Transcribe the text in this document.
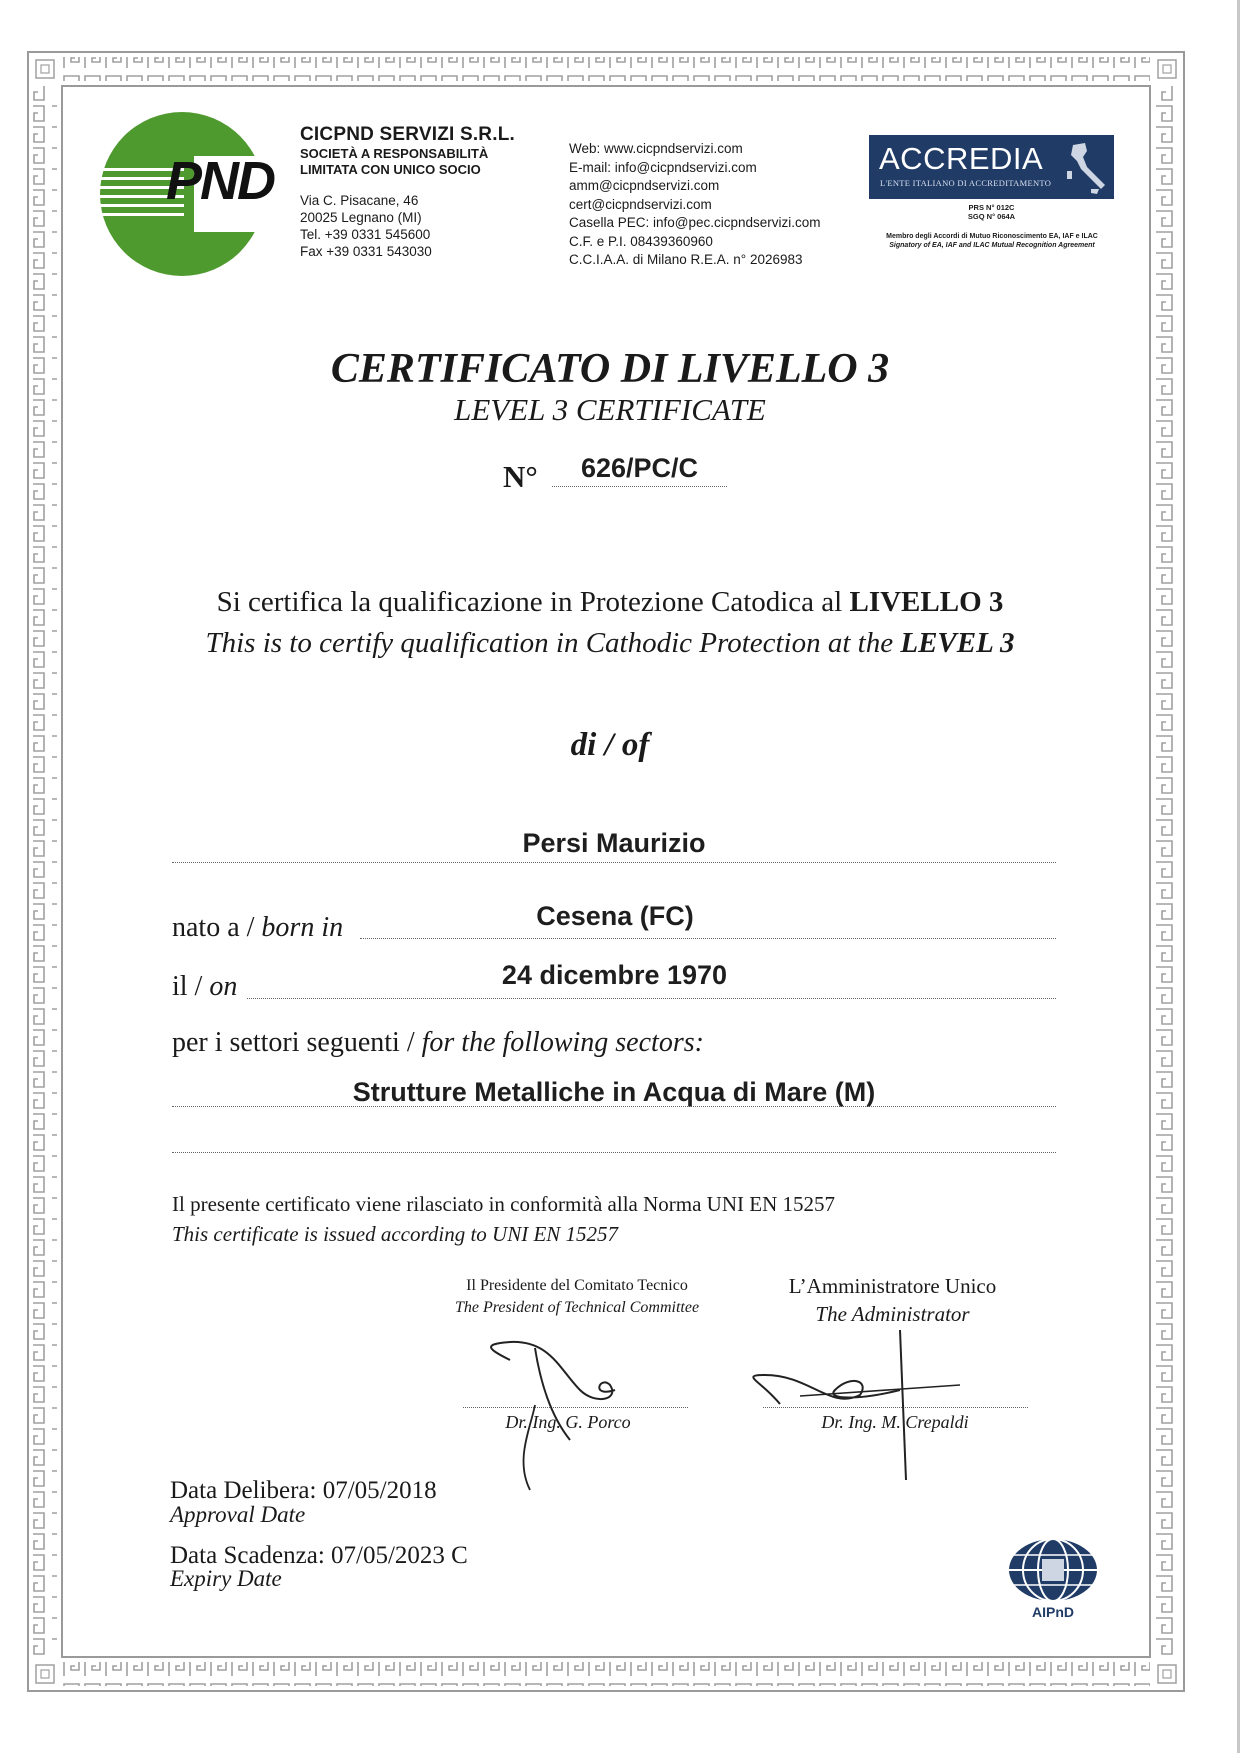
PND
CICPND SERVIZI S.R.L.
SOCIETÀ A RESPONSABILITÀ
LIMITATA CON UNICO SOCIO
Via C. Pisacane, 46
20025 Legnano (MI)
Tel. +39 0331 545600
Fax +39 0331 543030
Web: www.cicpndservizi.com
E-mail: info@cicpndservizi.com
amm@cicpndservizi.com
cert@cicpndservizi.com
Casella PEC: info@pec.cicpndservizi.com
C.F. e P.I. 08439360960
C.C.I.A.A. di Milano R.E.A. n° 2026983
ACCREDIA
L'ENTE ITALIANO DI ACCREDITAMENTO
PRS N° 012C
SGQ N° 064A
Membro degli Accordi di Mutuo Riconoscimento EA, IAF e ILAC
Signatory of EA, IAF and ILAC Mutual Recognition Agreement
CERTIFICATO DI LIVELLO 3
LEVEL 3 CERTIFICATE
N°	626/PC/C
Si certifica la qualificazione in Protezione Catodica al LIVELLO 3
This is to certify qualification in Cathodic Protection at the LEVEL 3
di / of
Persi Maurizio
nato a / born in	Cesena (FC)
il / on	24 dicembre 1970
per i settori seguenti / for the following sectors:
Strutture Metalliche in Acqua di Mare (M)
Il presente certificato viene rilasciato in conformità alla Norma UNI EN 15257
This certificate is issued according to UNI EN 15257
Il Presidente del Comitato Tecnico
The President of Technical Committee
L’Amministratore Unico
The Administrator
Dr. Ing. G. Porco	Dr. Ing. M. Crepaldi
Data Delibera: 07/05/2018
Approval Date
Data Scadenza: 07/05/2023 C
Expiry Date
AIPnD
